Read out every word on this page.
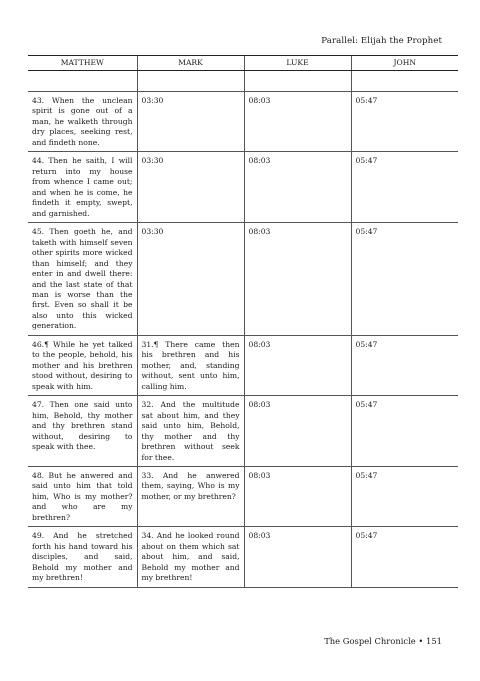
Parallel: Elijah the Prophet
MATTHEW	MARK	LUKE	JOHN

43. When the unclean spirit is gone out of a man, he walketh through dry places, seeking rest, and findeth none.	03:30	08:03	05:47
44. Then he saith, I will return into my house from whence I came out; and when he is come, he findeth it empty, swept, and garnished.	03:30	08:03	05:47
45. Then goeth he, and taketh with himself seven other spirits more wicked than himself; and they enter in and dwell there: and the last state of that man is worse than the first. Even so shall it be also unto this wicked generation.	03:30	08:03	05:47
46.¶ While he yet talked to the people, behold, his mother and his brethren stood without, desiring to speak with him.	31.¶ There came then his brethren and his mother, and, standing without, sent unto him, calling him.	08:03	05:47
47. Then one said unto him, Behold, thy mother and thy brethren stand without, desiring to speak with thee.	32. And the multitude sat about him, and they said unto him, Behold, thy mother and thy brethren without seek for thee.	08:03	05:47
48. But he anwered and said unto him that told him, Who is my mother? and who are my brethren?	33. And he anwered them, saying, Who is my mother, or my brethren?	08:03	05:47
49. And he stretched forth his hand toward his disciples, and said, Behold my mother and my brethren!	34. And he looked round about on them which sat about him, and said, Behold my mother and my brethren!	08:03	05:47
The Gospel Chronicle • 151
